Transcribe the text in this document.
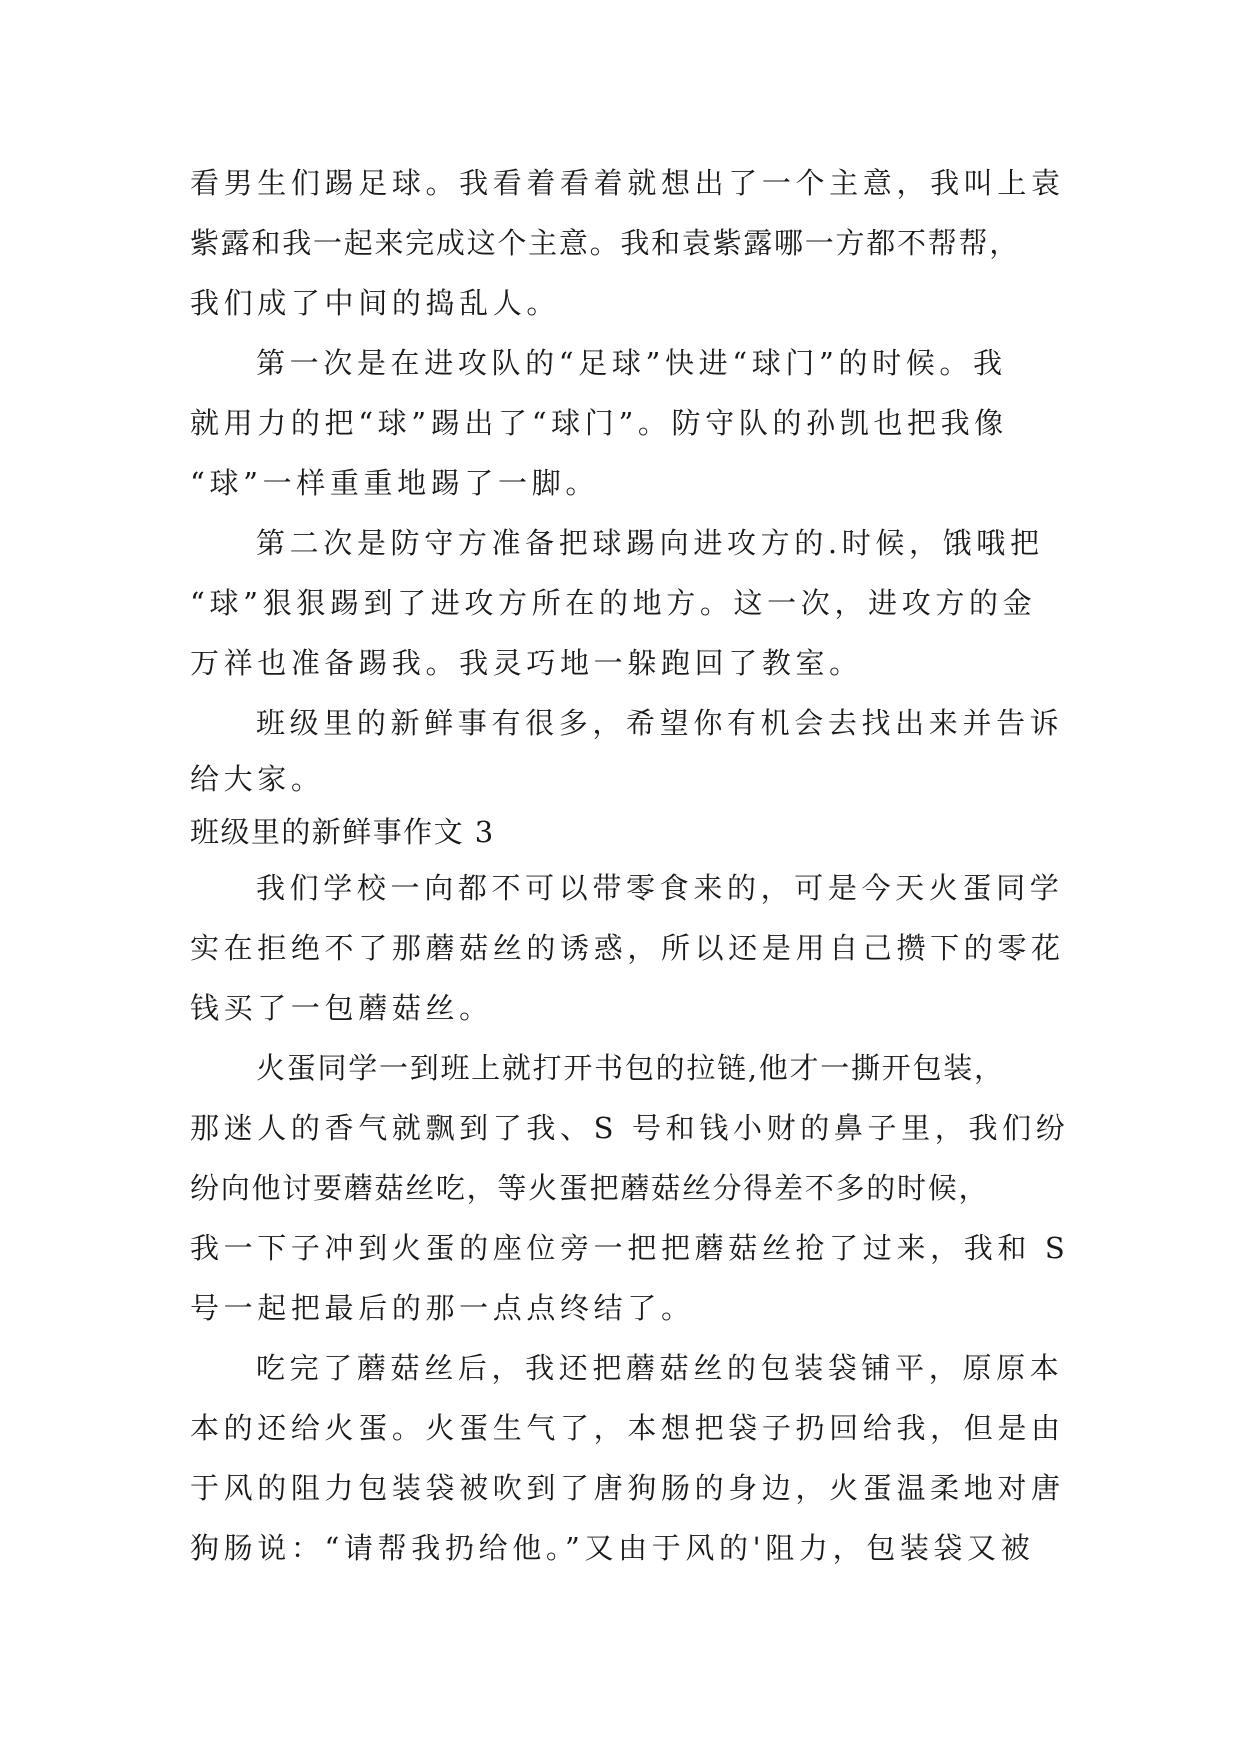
看男生们踢足球。我看着看着就想出了一个主意，我叫上袁

紫露和我一起来完成这个主意。我和袁紫露哪一方都不帮帮，

我们成了中间的捣乱人。

第一次是在进攻队的“足球”快进“球门”的时候。我

就用力的把“球”踢出了“球门”。防守队的孙凯也把我像

“球”一样重重地踢了一脚。

第二次是防守方准备把球踢向进攻方的.时候，饿哦把

“球”狠狠踢到了进攻方所在的地方。这一次，进攻方的金

万祥也准备踢我。我灵巧地一躲跑回了教室。

班级里的新鲜事有很多，希望你有机会去找出来并告诉

给大家。

班级里的新鲜事作文 3

我们学校一向都不可以带零食来的，可是今天火蛋同学

实在拒绝不了那蘑菇丝的诱惑，所以还是用自己攒下的零花

钱买了一包蘑菇丝。

火蛋同学一到班上就打开书包的拉链,他才一撕开包装，

那迷人的香气就飘到了我、S 号和钱小财的鼻子里，我们纷

纷向他讨要蘑菇丝吃，等火蛋把蘑菇丝分得差不多的时候，

我一下子冲到火蛋的座位旁一把把蘑菇丝抢了过来，我和 S

号一起把最后的那一点点终结了。

吃完了蘑菇丝后，我还把蘑菇丝的包装袋铺平，原原本

本的还给火蛋。火蛋生气了，本想把袋子扔回给我，但是由

于风的阻力包装袋被吹到了唐狗肠的身边，火蛋温柔地对唐

狗肠说：“请帮我扔给他。”又由于风的'阻力，包装袋又被
